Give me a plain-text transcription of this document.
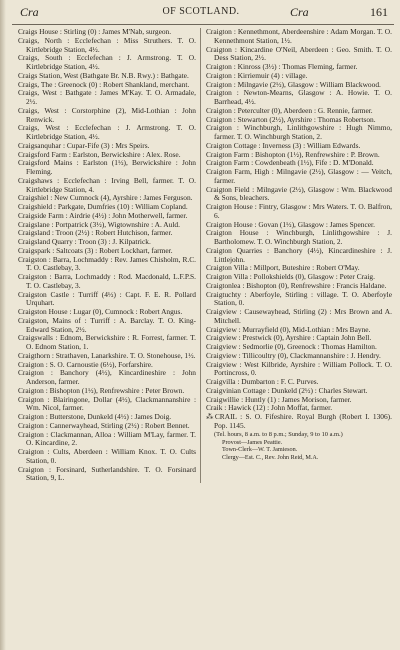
Cra	OF SCOTLAND.	Cra	161

Craigs House : Stirling (0) : James M'Nab, surgeon.

Craigs, North : Ecclefechan : Miss Struthers. T. O. Kirtlebridge Station, 4½.

Craigs, South : Ecclefechan : J. Armstrong. T. O. Kirtlebridge Station, 4½.

Craigs Station, West (Bathgate Br. N.B. Rwy.) : Bathgate.

Craigs, The : Greenock (0) : Robert Shankland, merchant.

Craigs, West : Bathgate : James M'Kay. T. O. Armadale, 2½.

Craigs, West : Corstorphine (2), Mid-Lothian : John Renwick.

Craigs, West : Ecclefechan : J. Armstrong. T. O. Kirtlebridge Station, 4½.

Craigsanquhar : Cupar-Fife (3) : Mrs Speirs.

Craigsford Farm : Earlston, Berwickshire : Alex. Rose.

Craigsford Mains : Earlston (1½), Berwickshire : John Fleming.

Craigshaws : Ecclefechan : Irving Bell, farmer. T. O. Kirtlebridge Station, 4.

Craigshiel : New Cumnock (4), Ayrshire : James Ferguson.

Craigshield : Parkgate, Dumfries (10) : William Copland.

Craigside Farm : Airdrie (4½) : John Motherwell, farmer.

Craigslane : Portpatrick (3½), Wigtownshire : A. Auld.

Craigsland : Troon (2½) : Robert Hutchison, farmer.

Craigsland Quarry : Troon (3) : J. Kilpatrick.

Craigspark : Saltcoats (3) : Robert Lockhart, farmer.

Craigston : Barra, Lochmaddy : Rev. James Chisholm, R.C. T. O. Castlebay, 3.

Craigston : Barra, Lochmaddy : Rod. Macdonald, L.F.P.S. T. O. Castlebay, 3.

Craigston Castle : Turriff (4½) : Capt. F. E. R. Pollard Urquhart.

Craigston House : Lugar (0), Cumnock : Robert Angus.

Craigston, Mains of : Turriff : A. Barclay. T. O. King-Edward Station, 2½.

Craigswalls : Ednom, Berwickshire : R. Forrest, farmer. T. O. Ednom Station, 1.

Craigthorn : Strathaven, Lanarkshire. T. O. Stonehouse, 1½.

Craigton : S. O. Carnoustie (6½), Forfarshire.

Craigton : Banchory (4½), Kincardineshire : John Anderson, farmer.

Craigton : Bishopton (1½), Renfrewshire : Peter Brown.

Craigton : Blairingone, Dollar (4½), Clackmannanshire : Wm. Nicol, farmer.

Craigton : Butterstone, Dunkeld (4½) : James Doig.

Craigton : Cannerwayhead, Stirling (2½) : Robert Bennet.

Craigton : Clackmannan, Alloa : William M'Lay, farmer. T. O. Kincardine, 2.

Craigton : Cults, Aberdeen : William Knox. T. O. Cults Station, 0.

Craigton : Forsinard, Sutherlandshire. T. O. Forsinard Station, 9, L.

Craigton : Kennethmont, Aberdeenshire : Adam Morgan. T. O. Kennethmont Station, 1½.

Craigton : Kincardine O'Neil, Aberdeen : Geo. Smith. T. O. Dess Station, 2½.

Craigton : Kinross (3½) : Thomas Fleming, farmer.

Craigton : Kirriemuir (4) : village.

Craigton : Milngavie (2½), Glasgow : William Blackwood.

Craigton : Newton-Mearns, Glasgow : A. Howie. T. O. Barrhead, 4½.

Craigton : Peterculter (0), Aberdeen : G. Rennie, farmer.

Craigton : Stewarton (2½), Ayrshire : Thomas Robertson.

Craigton : Winchburgh, Linlithgowshire : Hugh Nimmo, farmer. T. O. Winchburgh Station, 2.

Craigton Cottage : Inverness (3) : William Edwards.

Craigton Farm : Bishopton (1½), Renfrewshire : P. Brown.

Craigton Farm : Cowdenbeath (1½), Fife : D. M'Donald.

Craigton Farm, High : Milngavie (2½), Glasgow : — Veitch, farmer.

Craigton Field : Milngavie (2½), Glasgow : Wm. Blackwood & Sons, bleachers.

Craigton House : Fintry, Glasgow : Mrs Waters. T. O. Balfron, 6.

Craigton House : Govan (1½), Glasgow : James Spencer.

Craigton House : Winchburgh, Linlithgowshire : J. Bartholomew. T. O. Winchburgh Station, 2.

Craigton Quarries : Banchory (4½), Kincardineshire : J. Littlejohn.

Craigton Villa : Millport, Buteshire : Robert O'May.

Craigton Villa : Pollokshields (0), Glasgow : Peter Craig.

Craigtonlea : Bishopton (0), Renfrewshire : Francis Haldane.

Craigtuchty : Aberfoyle, Stirling : village. T. O. Aberfoyle Station, 0.

Craigview : Causewayhead, Stirling (2) : Mrs Brown and A. Mitchell.

Craigview : Murrayfield (0), Mid-Lothian : Mrs Bayne.

Craigview : Prestwick (0), Ayrshire : Captain John Bell.

Craigview : Sedmorlie (0), Greenock : Thomas Hamilton.

Craigview : Tillicoultry (0), Clackmannanshire : J. Hendry.

Craigview : West Kilbride, Ayrshire : William Pollock. T. O. Portincross, 0.

Craigvilla : Dumbarton : F. C. Purves.

Craigvinian Cottage : Dunkeld (2½) : Charles Stewart.

Craigwillie : Huntly (1) : James Morison, farmer.

Craik : Hawick (12) : John Moffat, farmer.

⁂CRAIL : S. O. Fifeshire. Royal Burgh (Robert I. 1306). Pop. 1145.

(Tel. hours, 8 a.m. to 8 p.m.; Sunday, 9 to 10 a.m.)

Provost—James Peattie.

Town-Clerk—W. T. Jamieson.

Clergy—Est. C., Rev. John Reid, M.A.
